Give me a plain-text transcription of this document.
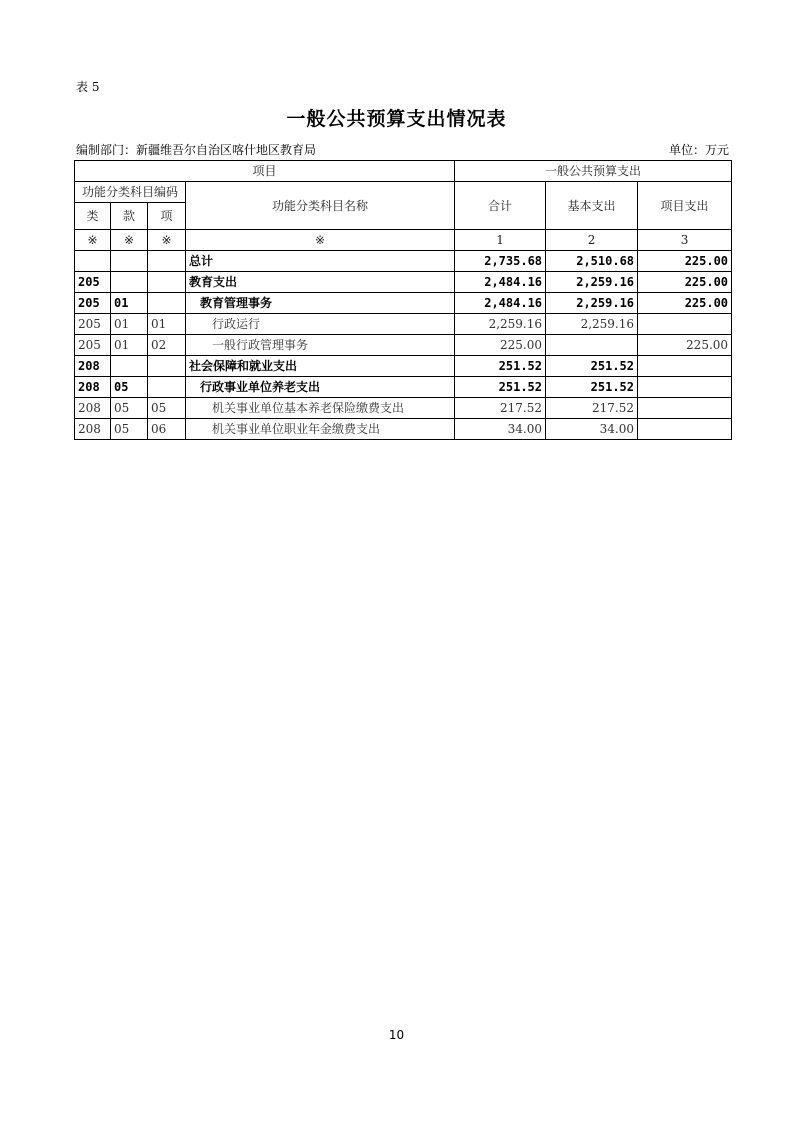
表 5
一般公共预算支出情况表
编制部门：新疆维吾尔自治区喀什地区教育局	单位：万元
项目				一般公共预算支出		
功能分类科目编码			功能分类科目名称	合计	基本支出	项目支出
类	款	项				
※	※	※	※	1	2	3
			总计	2,735.68	2,510.68	225.00
205			教育支出	2,484.16	2,259.16	225.00
205	01		教育管理事务	2,484.16	2,259.16	225.00
205	01	01	行政运行	2,259.16	2,259.16	
205	01	02	一般行政管理事务	225.00		225.00
208			社会保障和就业支出	251.52	251.52	
208	05		行政事业单位养老支出	251.52	251.52	
208	05	05	机关事业单位基本养老保险缴费支出	217.52	217.52	
208	05	06	机关事业单位职业年金缴费支出	34.00	34.00	
10
